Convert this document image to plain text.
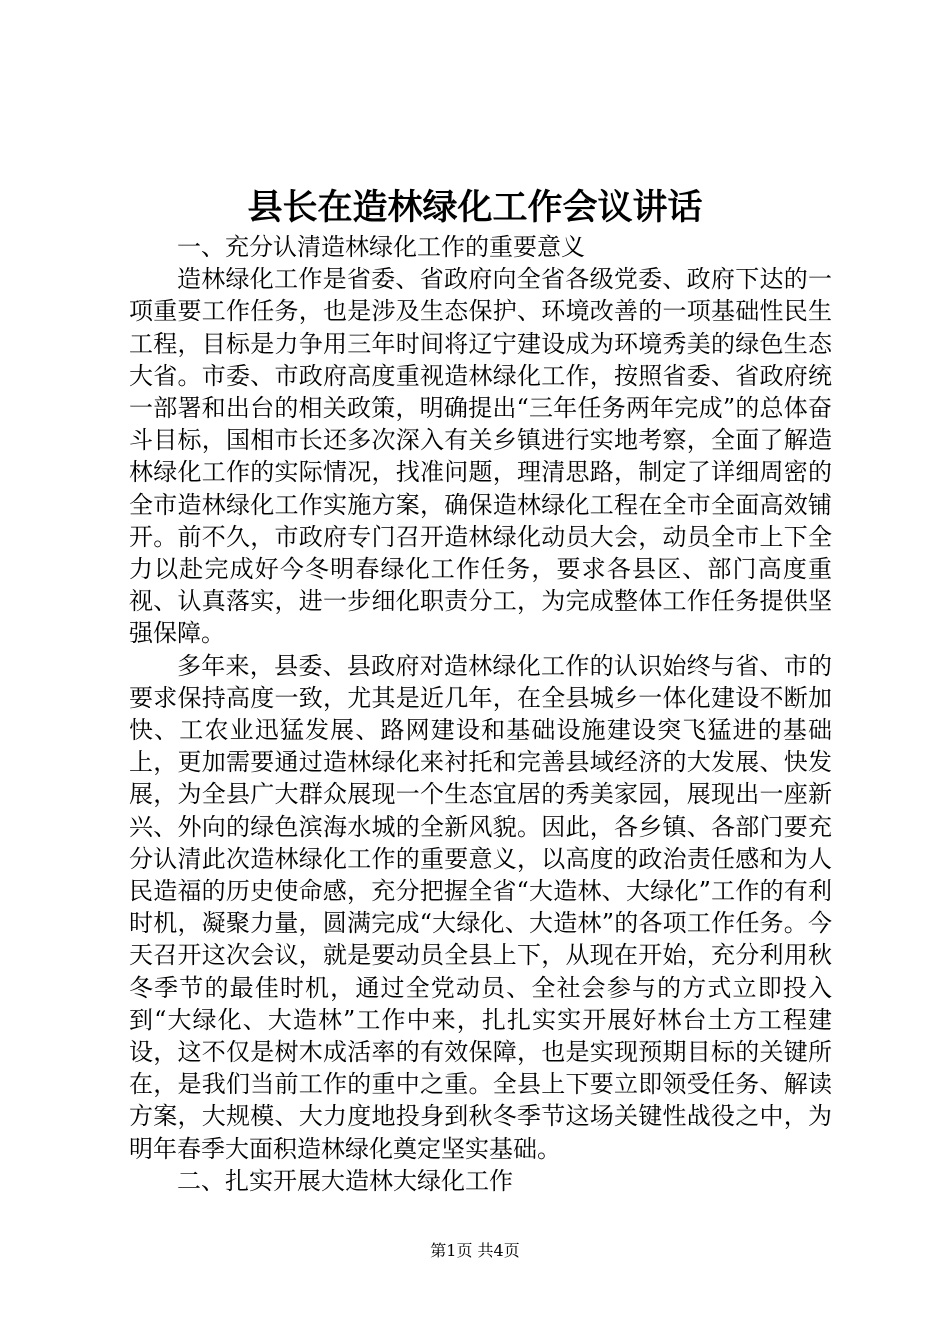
县长在造林绿化工作会议讲话

一、充分认清造林绿化工作的重要意义

造林绿化工作是省委、省政府向全省各级党委、政府下达的一项重要工作任务，也是涉及生态保护、环境改善的一项基础性民生工程，目标是力争用三年时间将辽宁建设成为环境秀美的绿色生态大省。市委、市政府高度重视造林绿化工作，按照省委、省政府统一部署和出台的相关政策，明确提出“三年任务两年完成”的总体奋斗目标，国相市长还多次深入有关乡镇进行实地考察，全面了解造林绿化工作的实际情况，找准问题，理清思路，制定了详细周密的全市造林绿化工作实施方案，确保造林绿化工程在全市全面高效铺开。前不久，市政府专门召开造林绿化动员大会，动员全市上下全力以赴完成好今冬明春绿化工作任务，要求各县区、部门高度重视、认真落实，进一步细化职责分工，为完成整体工作任务提供坚强保障。

多年来，县委、县政府对造林绿化工作的认识始终与省、市的要求保持高度一致，尤其是近几年，在全县城乡一体化建设不断加快、工农业迅猛发展、路网建设和基础设施建设突飞猛进的基础上，更加需要通过造林绿化来衬托和完善县域经济的大发展、快发展，为全县广大群众展现一个生态宜居的秀美家园，展现出一座新兴、外向的绿色滨海水城的全新风貌。因此，各乡镇、各部门要充分认清此次造林绿化工作的重要意义，以高度的政治责任感和为人民造福的历史使命感，充分把握全省“大造林、大绿化”工作的有利时机，凝聚力量，圆满完成“大绿化、大造林”的各项工作任务。今天召开这次会议，就是要动员全县上下，从现在开始，充分利用秋冬季节的最佳时机，通过全党动员、全社会参与的方式立即投入到“大绿化、大造林”工作中来，扎扎实实开展好林台土方工程建设，这不仅是树木成活率的有效保障，也是实现预期目标的关键所在，是我们当前工作的重中之重。全县上下要立即领受任务、解读方案，大规模、大力度地投身到秋冬季节这场关键性战役之中，为明年春季大面积造林绿化奠定坚实基础。

二、扎实开展大造林大绿化工作

第1页 共4页
